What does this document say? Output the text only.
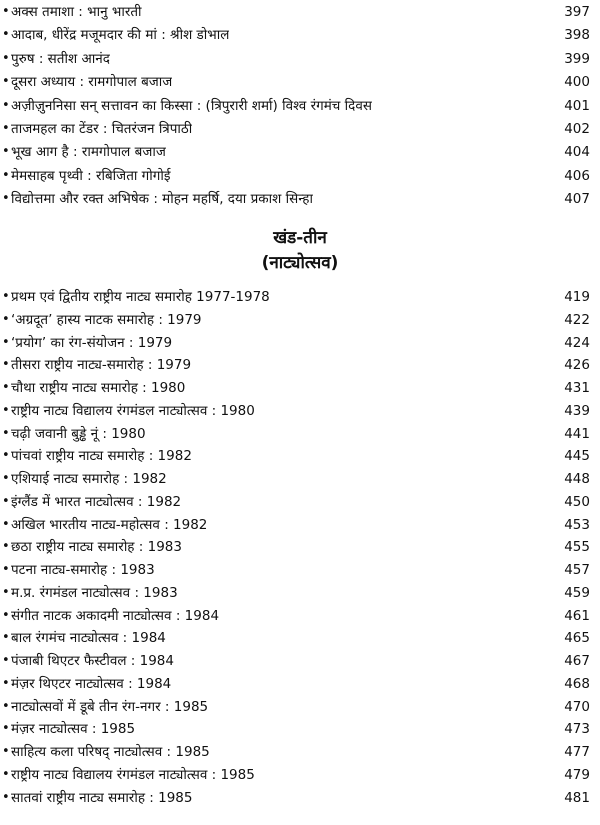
• अक्स तमाशा : भानु भारती	397
• आदाब, धीरेंद्र मजूमदार की मां : श्रीश डोभाल	398
• पुरुष : सतीश आनंद	399
• दूसरा अध्याय : रामगोपाल बजाज	400
• अज़ीज़ुननिसा सन् सत्तावन का किस्सा : (त्रिपुरारी शर्मा) विश्व रंगमंच दिवस	401
• ताजमहल का टेंडर : चितरंजन त्रिपाठी	402
• भूख आग है : रामगोपाल बजाज	404
• मेमसाहब पृथ्वी : रबिजिता गोगोई	406
• विद्योत्तमा और रक्त अभिषेक : मोहन महर्षि, दया प्रकाश सिन्हा	407
खंड-तीन
(नाट्योत्सव)
• प्रथम एवं द्वितीय राष्ट्रीय नाट्य समारोह 1977-1978	419
• ‘अग्रदूत’ हास्य नाटक समारोह : 1979	422
• ‘प्रयोग’ का रंग-संयोजन : 1979	424
• तीसरा राष्ट्रीय नाट्य-समारोह : 1979	426
• चौथा राष्ट्रीय नाट्य समारोह : 1980	431
• राष्ट्रीय नाट्य विद्यालय रंगमंडल नाट्योत्सव : 1980	439
• चढ़ी जवानी बुड्ढे नूं : 1980	441
• पांचवां राष्ट्रीय नाट्य समारोह : 1982	445
• एशियाई नाट्य समारोह : 1982	448
• इंग्लैंड में भारत नाट्योत्सव : 1982	450
• अखिल भारतीय नाट्य-महोत्सव : 1982	453
• छठा राष्ट्रीय नाट्य समारोह : 1983	455
• पटना नाट्य-समारोह : 1983	457
• म.प्र. रंगमंडल नाट्योत्सव : 1983	459
• संगीत नाटक अकादमी नाट्योत्सव : 1984	461
• बाल रंगमंच नाट्योत्सव : 1984	465
• पंजाबी थिएटर फैस्टीवल : 1984	467
• मंज़र थिएटर नाट्योत्सव : 1984	468
• नाट्योत्सवों में डूबे तीन रंग-नगर : 1985	470
• मंज़र नाट्योत्सव : 1985	473
• साहित्य कला परिषद् नाट्योत्सव : 1985	477
• राष्ट्रीय नाट्य विद्यालय रंगमंडल नाट्योत्सव : 1985	479
• सातवां राष्ट्रीय नाट्य समारोह : 1985	481
